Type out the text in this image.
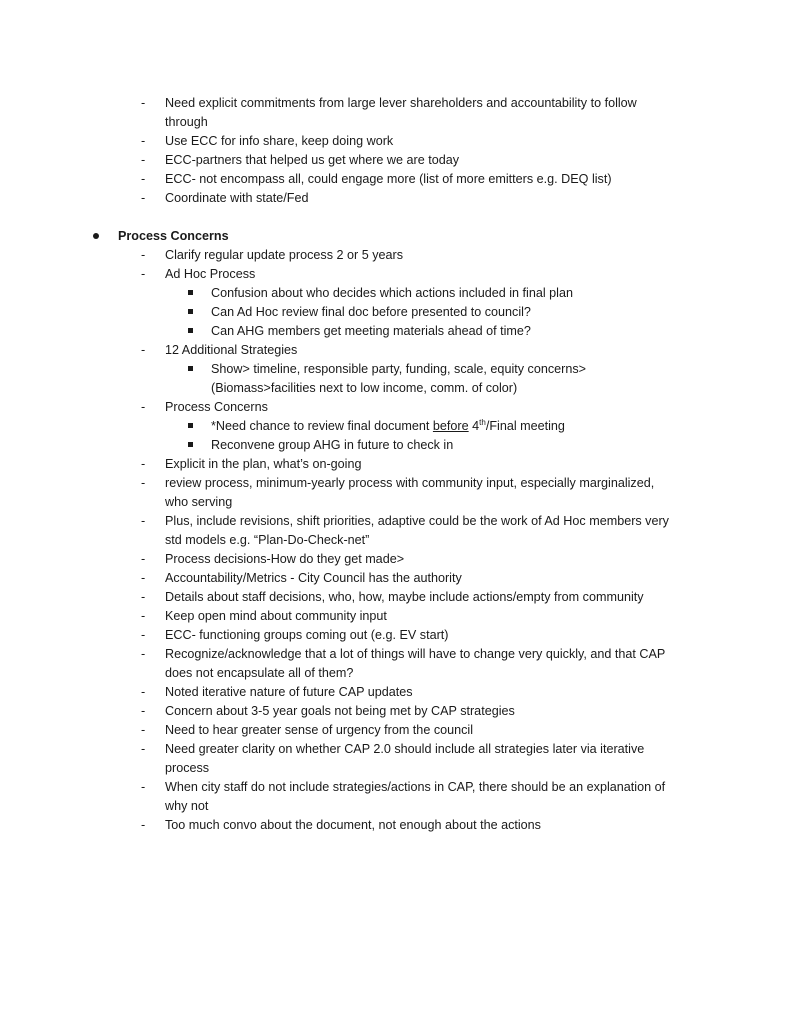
-	Need explicit commitments from large lever shareholders and accountability to follow
through
-	Use ECC for info share, keep doing work
-	ECC-partners that helped us get where we are today
-	ECC- not encompass all, could engage more (list of more emitters e.g. DEQ list)
-	Coordinate with state/Fed
Process Concerns
-	Clarify regular update process 2 or 5 years
-	Ad Hoc Process
Confusion about who decides which actions included in final plan
Can Ad Hoc review final doc before presented to council?
Can AHG members get meeting materials ahead of time?
-	12 Additional Strategies
Show> timeline, responsible party, funding, scale, equity concerns>
(Biomass>facilities next to low income, comm. of color)
-	Process Concerns
*Need chance to review final document before 4th/Final meeting
Reconvene group AHG in future to check in
-	Explicit in the plan, what’s on-going
-	review process, minimum-yearly process with community input, especially marginalized,
who serving
-	Plus, include revisions, shift priorities, adaptive could be the work of Ad Hoc members very
std models e.g. “Plan-Do-Check-net”
-	Process decisions-How do they get made>
-	Accountability/Metrics - City Council has the authority
-	Details about staff decisions, who, how, maybe include actions/empty from community
-	Keep open mind about community input
-	ECC- functioning groups coming out (e.g. EV start)
-	Recognize/acknowledge that a lot of things will have to change very quickly, and that CAP
does not encapsulate all of them?
-	Noted iterative nature of future CAP updates
-	Concern about 3-5 year goals not being met by CAP strategies
-	Need to hear greater sense of urgency from the council
-	Need greater clarity on whether CAP 2.0 should include all strategies later via iterative
process
-	When city staff do not include strategies/actions in CAP, there should be an explanation of
why not
-	Too much convo about the document, not enough about the actions
